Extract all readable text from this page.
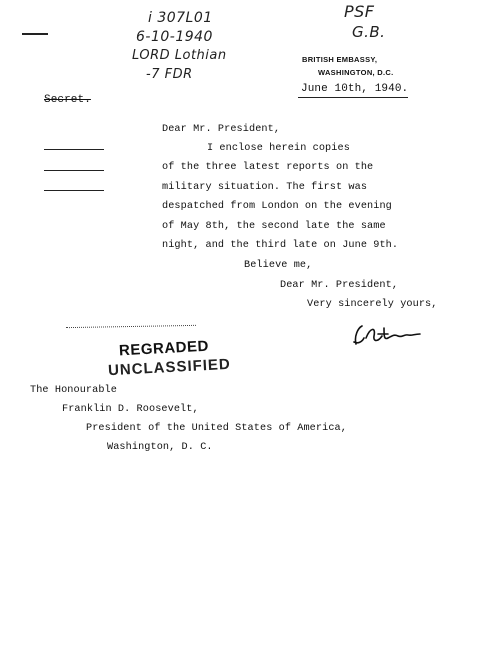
i 307L01
6-10-1940
LORD Lothian
-7 FDR
PSF
G.B.
BRITISH EMBASSY,
WASHINGTON, D.C.
June 10th, 1940.
Secret.
Dear Mr. President,
I enclose herein copies
of the three latest reports on the
military situation. The first was
despatched from London on the evening
of May 8th, the second late the same
night, and the third late on June 9th.
Believe me,
Dear Mr. President,
Very sincerely yours,
REGRADED
UNCLASSIFIED
The Honourable
Franklin D. Roosevelt,
President of the United States of America,
Washington, D. C.
